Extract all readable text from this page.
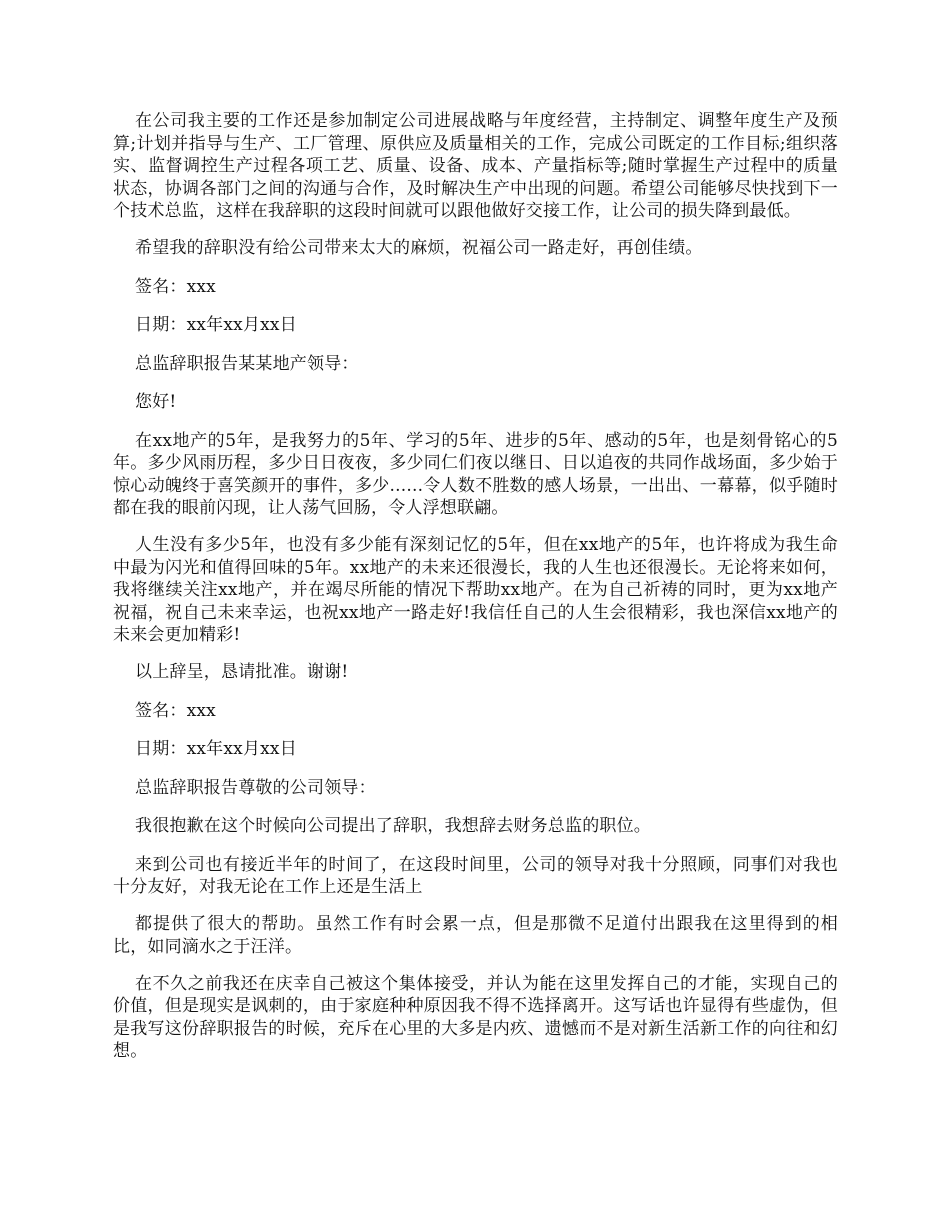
在公司我主要的工作还是参加制定公司进展战略与年度经营，主持制定、调整年度生产及预算;计划并指导与生产、工厂管理、原供应及质量相关的工作，完成公司既定的工作目标;组织落实、监督调控生产过程各项工艺、质量、设备、成本、产量指标等;随时掌握生产过程中的质量状态，协调各部门之间的沟通与合作，及时解决生产中出现的问题。希望公司能够尽快找到下一个技术总监，这样在我辞职的这段时间就可以跟他做好交接工作，让公司的损失降到最低。

希望我的辞职没有给公司带来太大的麻烦，祝福公司一路走好，再创佳绩。

签名：xxx

日期：xx年xx月xx日

总监辞职报告某某地产领导：

您好!

在xx地产的5年，是我努力的5年、学习的5年、进步的5年、感动的5年，也是刻骨铭心的5年。多少风雨历程，多少日日夜夜，多少同仁们夜以继日、日以追夜的共同作战场面，多少始于惊心动魄终于喜笑颜开的事件，多少......令人数不胜数的感人场景，一出出、一幕幕，似乎随时都在我的眼前闪现，让人荡气回肠，令人浮想联翩。

人生没有多少5年，也没有多少能有深刻记忆的5年，但在xx地产的5年，也许将成为我生命中最为闪光和值得回味的5年。xx地产的未来还很漫长，我的人生也还很漫长。无论将来如何，我将继续关注xx地产，并在竭尽所能的情况下帮助xx地产。在为自己祈祷的同时，更为xx地产祝福，祝自己未来幸运，也祝xx地产一路走好!我信任自己的人生会很精彩，我也深信xx地产的未来会更加精彩!

以上辞呈，恳请批准。谢谢!

签名：xxx

日期：xx年xx月xx日

总监辞职报告尊敬的公司领导：

我很抱歉在这个时候向公司提出了辞职，我想辞去财务总监的职位。

来到公司也有接近半年的时间了，在这段时间里，公司的领导对我十分照顾，同事们对我也十分友好，对我无论在工作上还是生活上

都提供了很大的帮助。虽然工作有时会累一点，但是那微不足道付出跟我在这里得到的相比，如同滴水之于汪洋。

在不久之前我还在庆幸自己被这个集体接受，并认为能在这里发挥自己的才能，实现自己的价值，但是现实是讽刺的，由于家庭种种原因我不得不选择离开。这写话也许显得有些虚伪，但是我写这份辞职报告的时候，充斥在心里的大多是内疚、遗憾而不是对新生活新工作的向往和幻想。
